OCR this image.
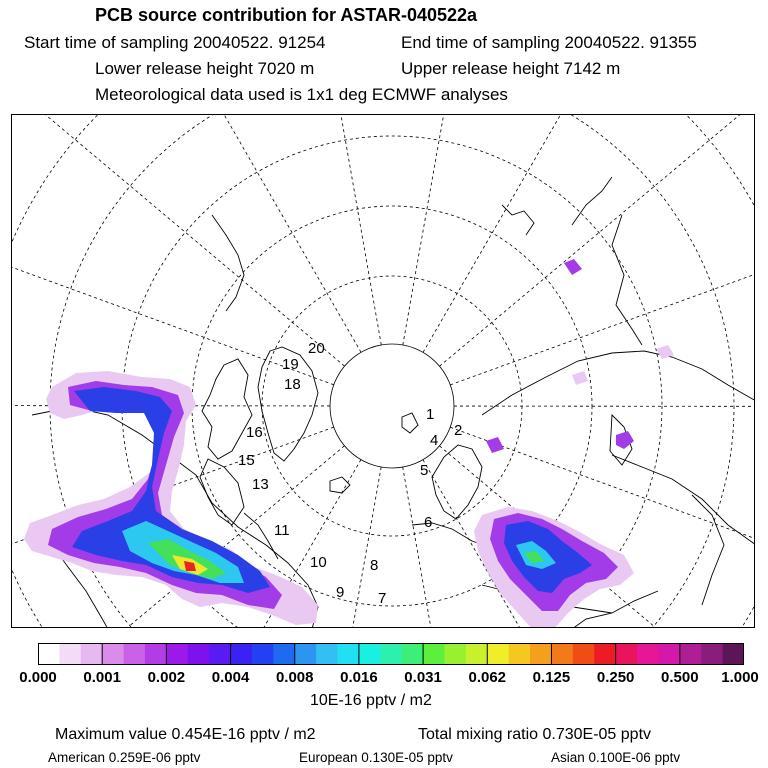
PCB source contribution for ASTAR-040522a
Start time of sampling 20040522. 91254	End time of sampling 20040522. 91355
Lower release height 7020 m	Upper release height 7142 m
Meteorological data used is 1x1 deg ECMWF analyses
20
19
18
16
15
13
11
10
9
8
7
6
5
4
2
1
0.000 0.001 0.002 0.004 0.008 0.016 0.031 0.062 0.125 0.250 0.500 1.000
10E-16 pptv / m2
Maximum value 0.454E-16 pptv / m2	Total mixing ratio 0.730E-05 pptv
American 0.259E-06 pptv	European 0.130E-05 pptv	Asian 0.100E-06 pptv
